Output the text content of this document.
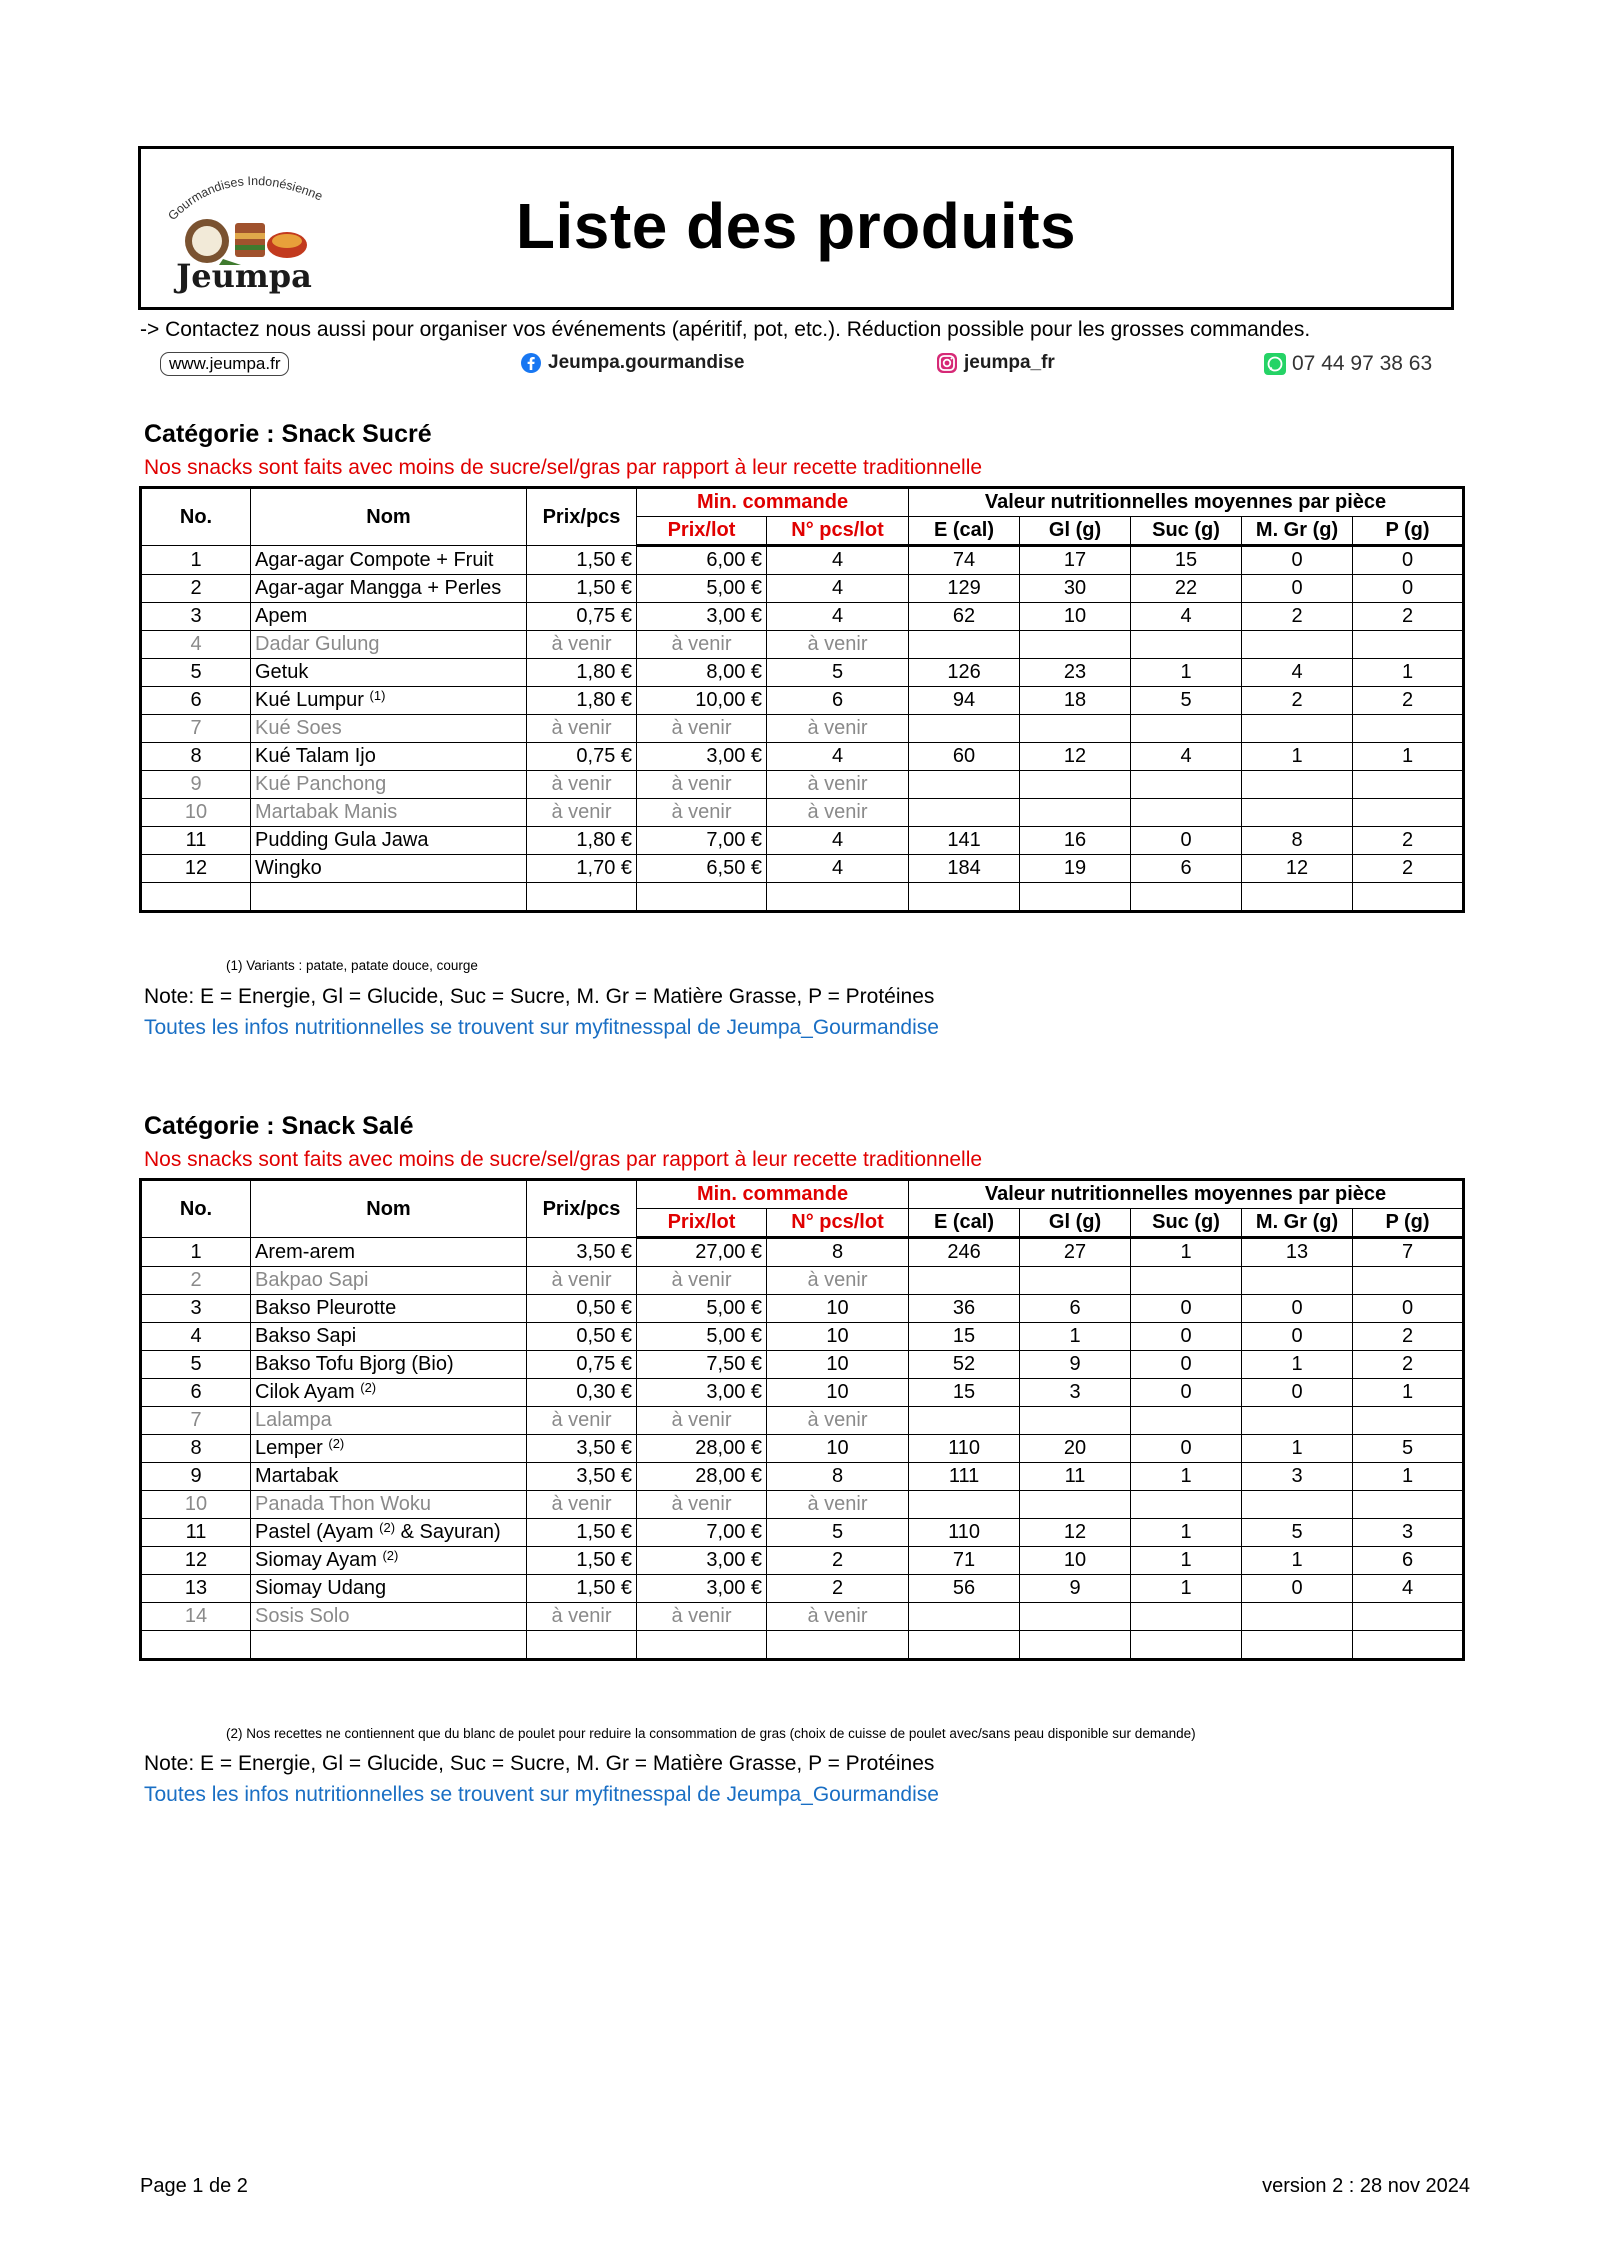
Gourmandises Indonésienne
Jeumpa
Liste des produits
-> Contactez nous aussi pour organiser vos événements (apéritif, pot, etc.). Réduction possible pour les grosses commandes.
www.jeumpa.fr	Jeumpa.gourmandise	jeumpa_fr	07 44 97 38 63
Catégorie : Snack Sucré
Nos snacks sont faits avec moins de sucre/sel/gras par rapport à leur recette traditionnelle
No.	Nom	Prix/pcs	Min. commande		Valeur nutritionnelles moyennes par pièce				
			Prix/lot	N° pcs/lot	E (cal)	Gl (g)	Suc (g)	M. Gr (g)	P (g)
1	Agar-agar Compote + Fruit	1,50 €	6,00 €	4	74	17	15	0	0
2	Agar-agar Mangga + Perles	1,50 €	5,00 €	4	129	30	22	0	0
3	Apem	0,75 €	3,00 €	4	62	10	4	2	2
4	Dadar Gulung	à venir	à venir	à venir					
5	Getuk	1,80 €	8,00 €	5	126	23	1	4	1
6	Kué Lumpur $^{(1)}$	1,80 €	10,00 €	6	94	18	5	2	2
7	Kué Soes	à venir	à venir	à venir					
8	Kué Talam Ijo	0,75 €	3,00 €	4	60	12	4	1	1
9	Kué Panchong	à venir	à venir	à venir					
10	Martabak Manis	à venir	à venir	à venir					
11	Pudding Gula Jawa	1,80 €	7,00 €	4	141	16	0	8	2
12	Wingko	1,70 €	6,50 €	4	184	19	6	12	2

(1) Variants : patate, patate douce, courge
Note: E = Energie, Gl = Glucide, Suc = Sucre, M. Gr = Matière Grasse, P = Protéines
Toutes les infos nutritionnelles se trouvent sur myfitnesspal de Jeumpa_Gourmandise
Catégorie : Snack Salé
Nos snacks sont faits avec moins de sucre/sel/gras par rapport à leur recette traditionnelle
No.	Nom	Prix/pcs	Min. commande		Valeur nutritionnelles moyennes par pièce				
			Prix/lot	N° pcs/lot	E (cal)	Gl (g)	Suc (g)	M. Gr (g)	P (g)
1	Arem-arem	3,50 €	27,00 €	8	246	27	1	13	7
2	Bakpao Sapi	à venir	à venir	à venir					
3	Bakso Pleurotte	0,50 €	5,00 €	10	36	6	0	0	0
4	Bakso Sapi	0,50 €	5,00 €	10	15	1	0	0	2
5	Bakso Tofu Bjorg (Bio)	0,75 €	7,50 €	10	52	9	0	1	2
6	Cilok Ayam $^{(2)}$	0,30 €	3,00 €	10	15	3	0	0	1
7	Lalampa	à venir	à venir	à venir					
8	Lemper $^{(2)}$	3,50 €	28,00 €	10	110	20	0	1	5
9	Martabak	3,50 €	28,00 €	8	111	11	1	3	1
10	Panada Thon Woku	à venir	à venir	à venir					
11	Pastel (Ayam $^{(2)}$ & Sayuran)	1,50 €	7,00 €	5	110	12	1	5	3
12	Siomay Ayam $^{(2)}$	1,50 €	3,00 €	2	71	10	1	1	6
13	Siomay Udang	1,50 €	3,00 €	2	56	9	1	0	4
14	Sosis Solo	à venir	à venir	à venir					

(2) Nos recettes ne contiennent que du blanc de poulet pour reduire la consommation de gras (choix de cuisse de poulet avec/sans peau disponible sur demande)
Note: E = Energie, Gl = Glucide, Suc = Sucre, M. Gr = Matière Grasse, P = Protéines
Toutes les infos nutritionnelles se trouvent sur myfitnesspal de Jeumpa_Gourmandise
Page 1 de 2	version 2 : 28 nov 2024
